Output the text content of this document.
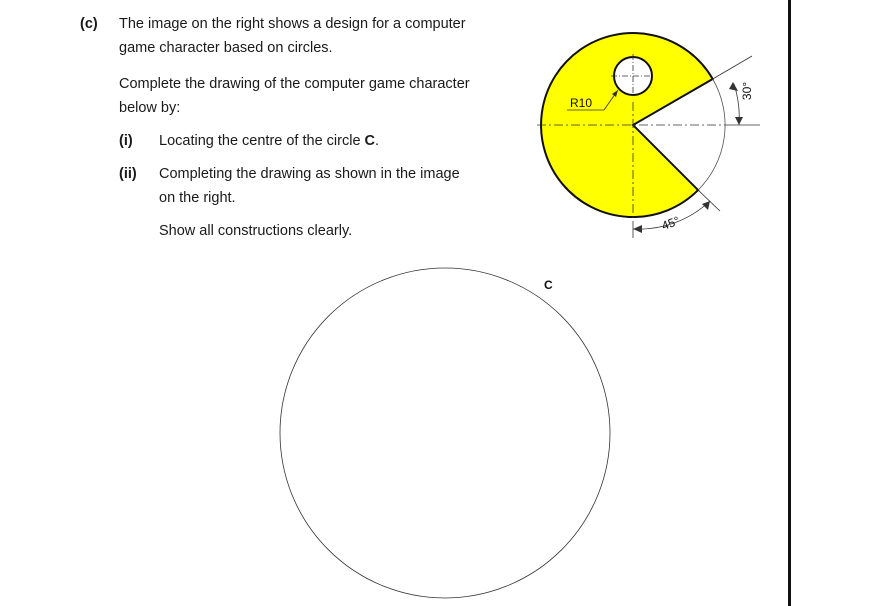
(c) The image on the right shows a design for a computer
game character based on circles.
Complete the drawing of the computer game character
below by:
(i) Locating the centre of the circle C.
(ii) Completing the drawing as shown in the image
on the right.
Show all constructions clearly.
30°
45°
R10
C
